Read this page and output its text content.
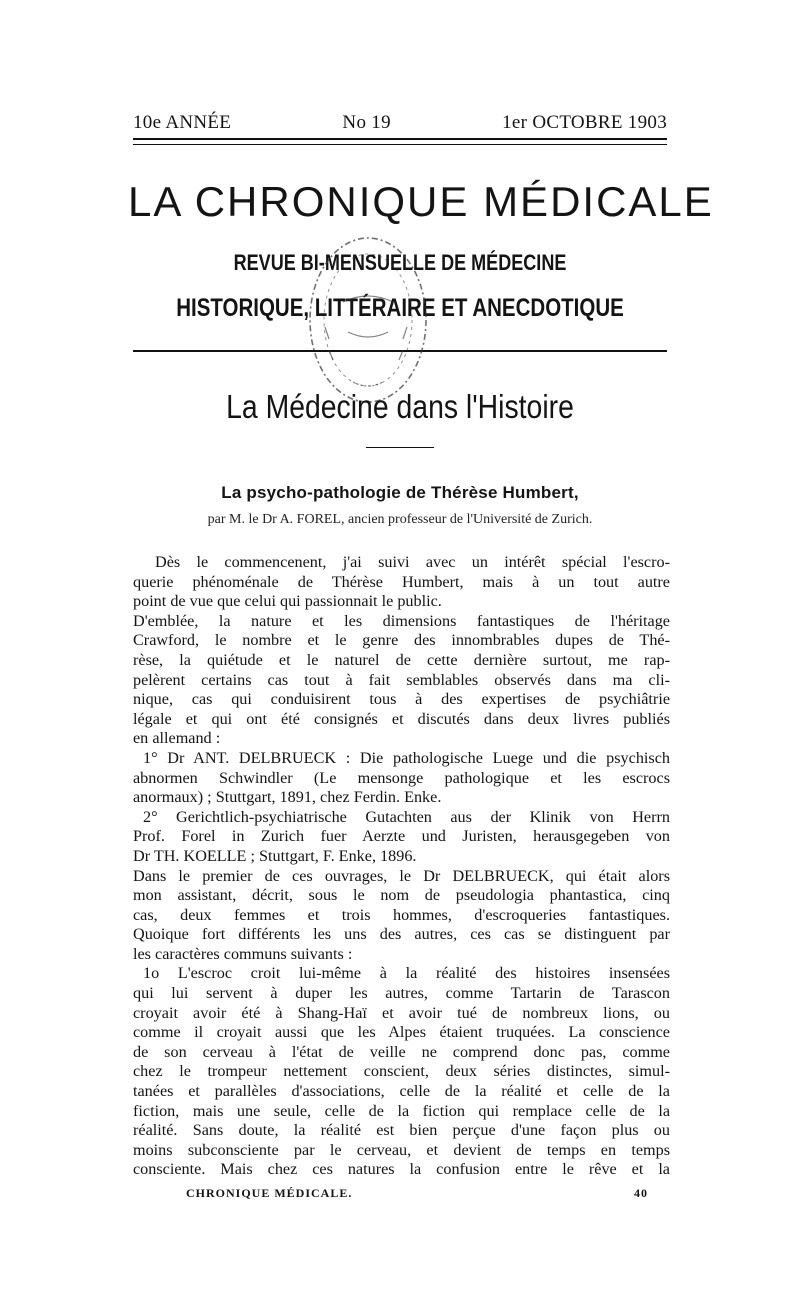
10e ANNÉE	No 19	1er OCTOBRE 1903
LA CHRONIQUE MÉDICALE
REVUE BI-MENSUELLE DE MÉDECINE
HISTORIQUE, LITTÉRAIRE ET ANECDOTIQUE
La Médecine dans l'Histoire
La psycho-pathologie de Thérèse Humbert,
par M. le Dr A. FOREL, ancien professeur de l'Université de Zurich.
Dès le commencenent, j'ai suivi avec un intérêt spécial l'escro-
querie phénoménale de Thérèse Humbert, mais à un tout autre
point de vue que celui qui passionnait le public.
D'emblée, la nature et les dimensions fantastiques de l'héritage
Crawford, le nombre et le genre des innombrables dupes de Thé-
rèse, la quiétude et le naturel de cette dernière surtout, me rap-
pelèrent certains cas tout à fait semblables observés dans ma cli-
nique, cas qui conduisirent tous à des expertises de psychiâtrie
légale et qui ont été consignés et discutés dans deux livres publiés
en allemand :
1° Dr ANT. DELBRUECK : Die pathologische Luege und die psychisch
abnormen Schwindler (Le mensonge pathologique et les escrocs
anormaux) ; Stuttgart, 1891, chez Ferdin. Enke.
2° Gerichtlich-psychiatrische Gutachten aus der Klinik von Herrn
Prof. Forel in Zurich fuer Aerzte und Juristen, herausgegeben von
Dr TH. KOELLE ; Stuttgart, F. Enke, 1896.
Dans le premier de ces ouvrages, le Dr DELBRUECK, qui était alors
mon assistant, décrit, sous le nom de pseudologia phantastica, cinq
cas, deux femmes et trois hommes, d'escroqueries fantastiques.
Quoique fort différents les uns des autres, ces cas se distinguent par
les caractères communs suivants :
1o L'escroc croit lui-même à la réalité des histoires insensées
qui lui servent à duper les autres, comme Tartarin de Tarascon
croyait avoir été à Shang-Haï et avoir tué de nombreux lions, ou
comme il croyait aussi que les Alpes étaient truquées. La conscience
de son cerveau à l'état de veille ne comprend donc pas, comme
chez le trompeur nettement conscient, deux séries distinctes, simul-
tanées et parallèles d'associations, celle de la réalité et celle de la
fiction, mais une seule, celle de la fiction qui remplace celle de la
réalité. Sans doute, la réalité est bien perçue d'une façon plus ou
moins subconsciente par le cerveau, et devient de temps en temps
consciente. Mais chez ces natures la confusion entre le rêve et la
CHRONIQUE MÉDICALE.	40
